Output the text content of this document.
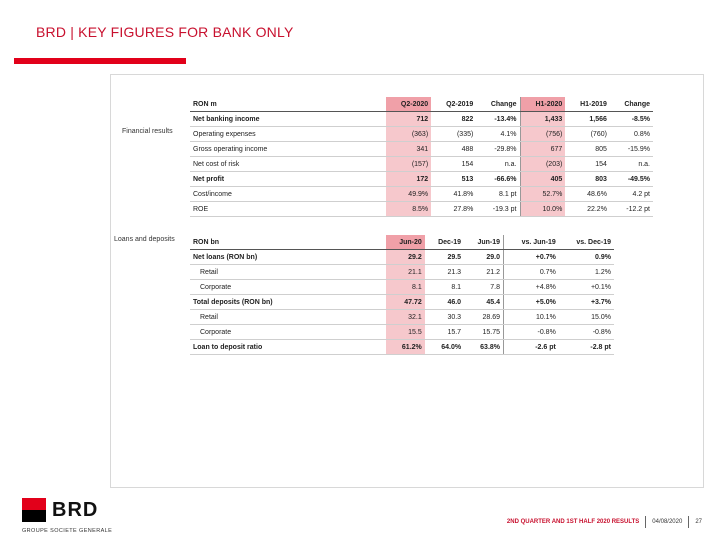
BRD | KEY FIGURES FOR BANK ONLY
Financial results
RON m	Q2-2020	Q2-2019	Change	H1-2020	H1-2019	Change
Net banking income	712	822	-13.4%	1,433	1,566	-8.5%
Operating expenses	(363)	(335)	4.1%	(756)	(760)	0.8%
Gross operating income	341	488	-29.8%	677	805	-15.9%
Net cost of risk	(157)	154	n.a.	(203)	154	n.a.
Net profit	172	513	-66.6%	405	803	-49.5%
Cost/income	49.9%	41.8%	8.1 pt	52.7%	48.6%	4.2 pt
ROE	8.5%	27.8%	-19.3 pt	10.0%	22.2%	-12.2 pt
Loans and deposits	RON bn	Jun-20	Dec-19	Jun-19	vs. Jun-19	vs. Dec-19
Net loans (RON bn)	29.2	29.5	29.0	+0.7%	0.9%
Retail	21.1	21.3	21.2	0.7%	1.2%
Corporate	8.1	8.1	7.8	+4.8%	+0.1%
Total deposits (RON bn)	47.72	46.0	45.4	+5.0%	+3.7%
Retail	32.1	30.3	28.69	10.1%	15.0%
Corporate	15.5	15.7	15.75	-0.8%	-0.8%
Loan to deposit ratio	61.2%	64.0%	63.8%	-2.6 pt	-2.8 pt
BRD
GROUPE SOCIETE GENERALE
2ND QUARTER AND 1ST HALF 2020 RESULTS 04/08/2020 27
